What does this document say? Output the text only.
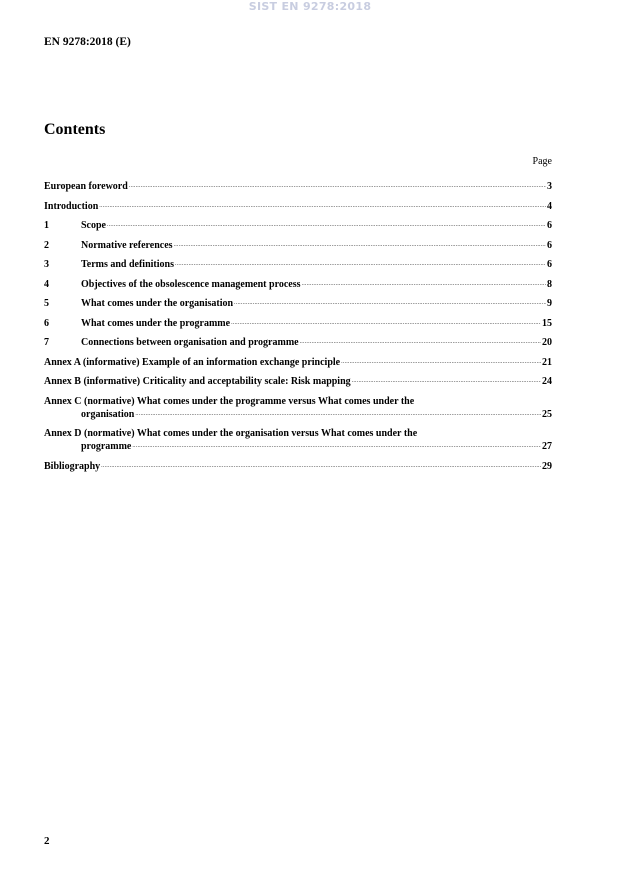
SIST EN 9278:2018
EN 9278:2018 (E)
Contents
Page
European foreword .....	3
Introduction .....	4
1	Scope .....	6
2	Normative references .....	6
3	Terms and definitions .....	6
4	Objectives of the obsolescence management process .....	8
5	What comes under the organisation .....	9
6	What comes under the programme .....	15
7	Connections between organisation and programme .....	20
Annex A (informative) Example of an information exchange principle .....	21
Annex B (informative) Criticality and acceptability scale: Risk mapping .....	24
Annex C (normative) What comes under the programme versus What comes under the
organisation .....	25
Annex D (normative) What comes under the organisation versus What comes under the
programme .....	27
Bibliography .....	29
2
